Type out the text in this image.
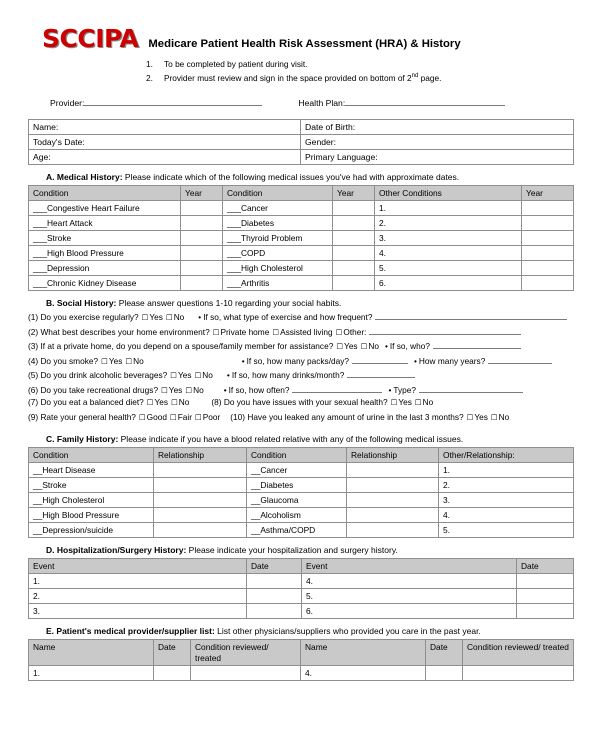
SCCIPA Medicare Patient Health Risk Assessment (HRA) & History
1.	To be completed by patient during visit.
2.	Provider must review and sign in the space provided on bottom of 2nd page.
Provider:	Health Plan:
Name:	Date of Birth:
Today's Date:	Gender:
Age:	Primary Language:
A. Medical History: Please indicate which of the following medical issues you've had with approximate dates.
Condition	Year	Condition	Year	Other Conditions	Year
___Congestive Heart Failure		___Cancer		1.	
___Heart Attack		___Diabetes		2.	
___Stroke		___Thyroid Problem		3.	
___High Blood Pressure		___COPD		4.	
___Depression		___High Cholesterol		5.	
___Chronic Kidney Disease		___Arthritis		6.	
B. Social History: Please answer questions 1-10 regarding your social habits.
(1) Do you exercise regularly? ☐Yes ☐No	• If so, what type of exercise and how frequent?
(2) What best describes your home environment? ☐Private home ☐Assisted living ☐Other:
(3) If at a private home, do you depend on a spouse/family member for assistance? ☐Yes ☐No • If so, who?
(4) Do you smoke? ☐Yes ☐No	• If so, how many packs/day?	• How many years?
(5) Do you drink alcoholic beverages? ☐Yes ☐No	• If so, how many drinks/month?
(6) Do you take recreational drugs? ☐Yes ☐No	• If so, how often?	• Type?
(7) Do you eat a balanced diet? ☐Yes ☐No	(8) Do you have issues with your sexual health? ☐Yes ☐No
(9) Rate your general health? ☐Good ☐Fair ☐Poor (10) Have you leaked any amount of urine in the last 3 months? ☐Yes ☐No
C. Family History: Please indicate if you have a blood related relative with any of the following medical issues.
Condition	Relationship	Condition	Relationship	Other/Relationship:
__Heart Disease		__Cancer		1.
__Stroke		__Diabetes		2.
__High Cholesterol		__Glaucoma		3.
__High Blood Pressure		__Alcoholism		4.
__Depression/suicide		__Asthma/COPD		5.
D. Hospitalization/Surgery History: Please indicate your hospitalization and surgery history.
Event	Date	Event	Date
1.		4.	
2.		5.	
3.		6.	
E. Patient's medical provider/supplier list: List other physicians/suppliers who provided you care in the past year.
Name	Date	Condition reviewed/ treated	Name	Date	Condition reviewed/ treated
1.			4.		
